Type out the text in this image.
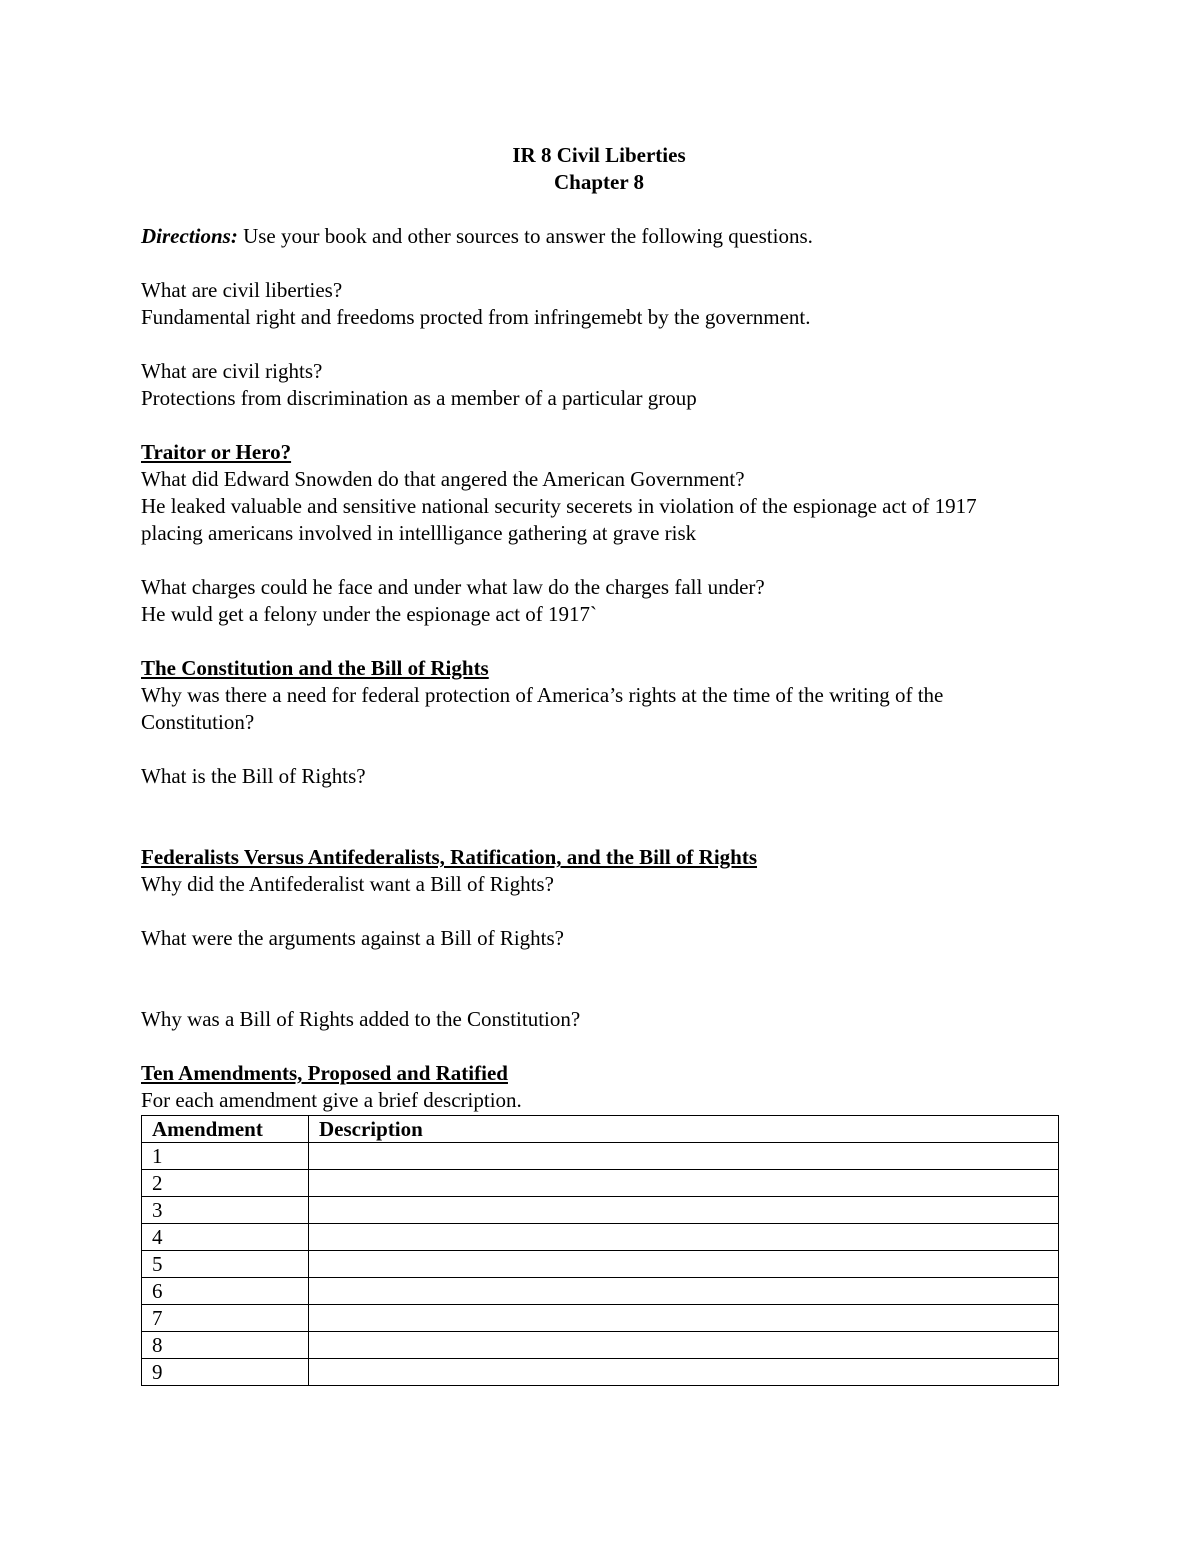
IR 8 Civil Liberties
Chapter 8
Directions: Use your book and other sources to answer the following questions.
What are civil liberties?
Fundamental right and freedoms procted from infringemebt by the government.
What are civil rights?
Protections from discrimination as a member of a particular group
Traitor or Hero?
What did Edward Snowden do that angered the American Government?
He leaked valuable and sensitive national security secerets in violation of the espionage act of 1917 placing americans involved in intellligance gathering at grave risk
What charges could he face and under what law do the charges fall under?
He wuld get a felony under the espionage act of 1917`
The Constitution and the Bill of Rights
Why was there a need for federal protection of America’s rights at the time of the writing of the Constitution?
What is the Bill of Rights?
Federalists Versus Antifederalists, Ratification, and the Bill of Rights
Why did the Antifederalist want a Bill of Rights?
What were the arguments against a Bill of Rights?
Why was a Bill of Rights added to the Constitution?
Ten Amendments, Proposed and Ratified
For each amendment give a brief description.
Amendment	Description
1	
2	
3	
4	
5	
6	
7	
8	
9	
